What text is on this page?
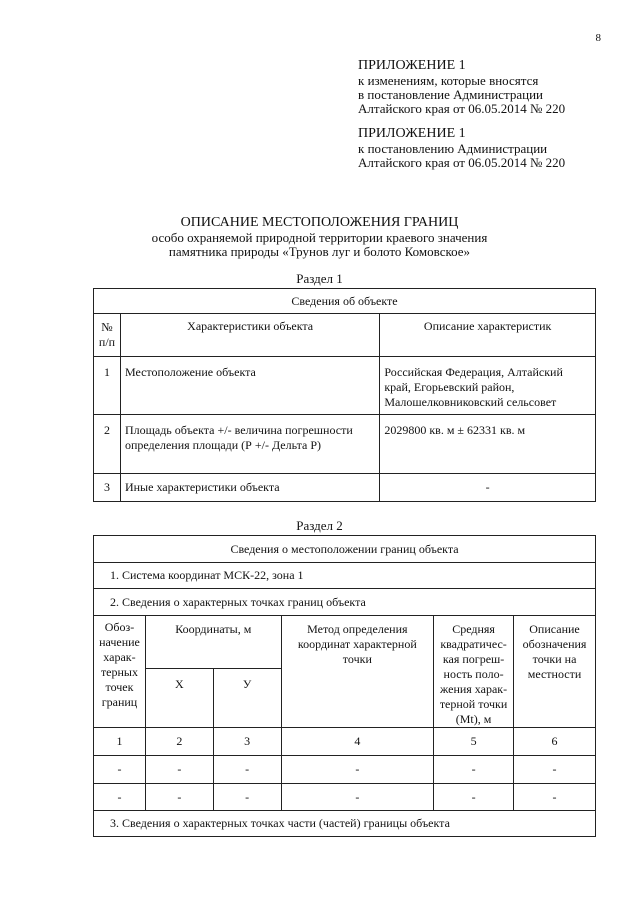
8
ПРИЛОЖЕНИЕ 1
к изменениям, которые вносятся
в постановление Администрации
Алтайского края от 06.05.2014 № 220
ПРИЛОЖЕНИЕ 1
к постановлению Администрации
Алтайского края от 06.05.2014 № 220
ОПИСАНИЕ МЕСТОПОЛОЖЕНИЯ ГРАНИЦ
особо охраняемой природной территории краевого значения
памятника природы «Трунов луг и болото Комовское»
Раздел 1
Сведения об объекте		
№ п/п	Характеристики объекта	Описание характеристик
1	Местоположение объекта	Российская Федерация, Алтайский край, Егорьевский район, Малошелковниковский сельсовет
2	Площадь объекта +/- величина погрешности определения площади (Р +/- Дельта Р)	2029800 кв. м ± 62331 кв. м
3	Иные характеристики объекта	-
Раздел 2
Сведения о местоположении границ объекта					
1. Система координат МСК-22, зона 1					
2. Сведения о характерных точках границ объекта					
Обоз-начение харак-терных точек границ	Координаты, м		Метод определения координат характерной точки	Средняя квадратичес-кая погреш-ность поло-жения харак-терной точки (Mt), м	Описание обозначения точки на местности
	Х	У			
1	2	3	4	5	6
-	-	-	-	-	-
-	-	-	-	-	-
3. Сведения о характерных точках части (частей) границы объекта					
